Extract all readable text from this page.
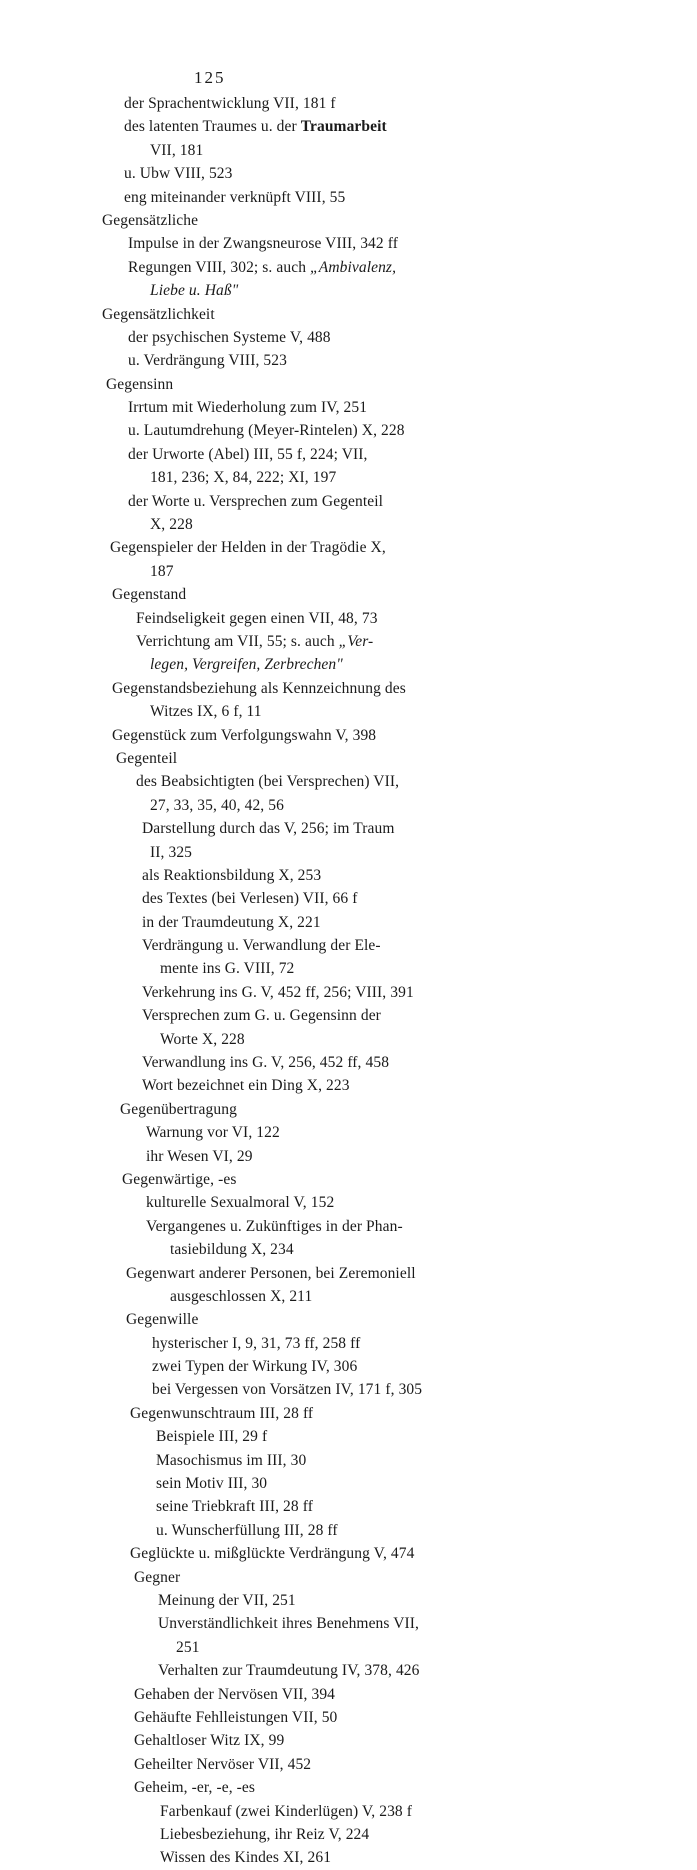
125
der Sprachentwicklung VII, 181 f
des latenten Traumes u. der Traumarbeit
VII, 181
u. Ubw VIII, 523
eng miteinander verknüpft VIII, 55
Gegensätzliche
Impulse in der Zwangsneurose VIII, 342 ff
Regungen VIII, 302; s. auch „Ambivalenz,
Liebe u. Haß"
Gegensätzlichkeit
der psychischen Systeme V, 488
u. Verdrängung VIII, 523
Gegensinn
Irrtum mit Wiederholung zum IV, 251
u. Lautumdrehung (Meyer-Rintelen) X, 228
der Urworte (Abel) III, 55 f, 224; VII,
181, 236; X, 84, 222; XI, 197
der Worte u. Versprechen zum Gegenteil
X, 228
Gegenspieler der Helden in der Tragödie X,
187
Gegenstand
Feindseligkeit gegen einen VII, 48, 73
Verrichtung am VII, 55; s. auch „Ver-
legen, Vergreifen, Zerbrechen"
Gegenstandsbeziehung als Kennzeichnung des
Witzes IX, 6 f, 11
Gegenstück zum Verfolgungswahn V, 398
Gegenteil
des Beabsichtigten (bei Versprechen) VII,
27, 33, 35, 40, 42, 56
Darstellung durch das V, 256; im Traum
II, 325
als Reaktionsbildung X, 253
des Textes (bei Verlesen) VII, 66 f
in der Traumdeutung X, 221
Verdrängung u. Verwandlung der Ele-
mente ins G. VIII, 72
Verkehrung ins G. V, 452 ff, 256; VIII, 391
Versprechen zum G. u. Gegensinn der
Worte X, 228
Verwandlung ins G. V, 256, 452 ff, 458
Wort bezeichnet ein Ding X, 223
Gegenübertragung
Warnung vor VI, 122
ihr Wesen VI, 29
Gegenwärtige, -es
kulturelle Sexualmoral V, 152
Vergangenes u. Zukünftiges in der Phan-
tasiebildung X, 234
Gegenwart anderer Personen, bei Zeremoniell
ausgeschlossen X, 211
Gegenwille
hysterischer I, 9, 31, 73 ff, 258 ff
zwei Typen der Wirkung IV, 306
bei Vergessen von Vorsätzen IV, 171 f, 305
Gegenwunschtraum III, 28 ff
Beispiele III, 29 f
Masochismus im III, 30
sein Motiv III, 30
seine Triebkraft III, 28 ff
u. Wunscherfüllung III, 28 ff
Geglückte u. mißglückte Verdrängung V, 474
Gegner
Meinung der VII, 251
Unverständlichkeit ihres Benehmens VII,
251
Verhalten zur Traumdeutung IV, 378, 426
Gehaben der Nervösen VII, 394
Gehäufte Fehlleistungen VII, 50
Gehaltloser Witz IX, 99
Geheilter Nervöser VII, 452
Geheim, -er, -e, -es
Farbenkauf (zwei Kinderlügen) V, 238 f
Liebesbeziehung, ihr Reiz V, 224
Wissen des Kindes XI, 261
